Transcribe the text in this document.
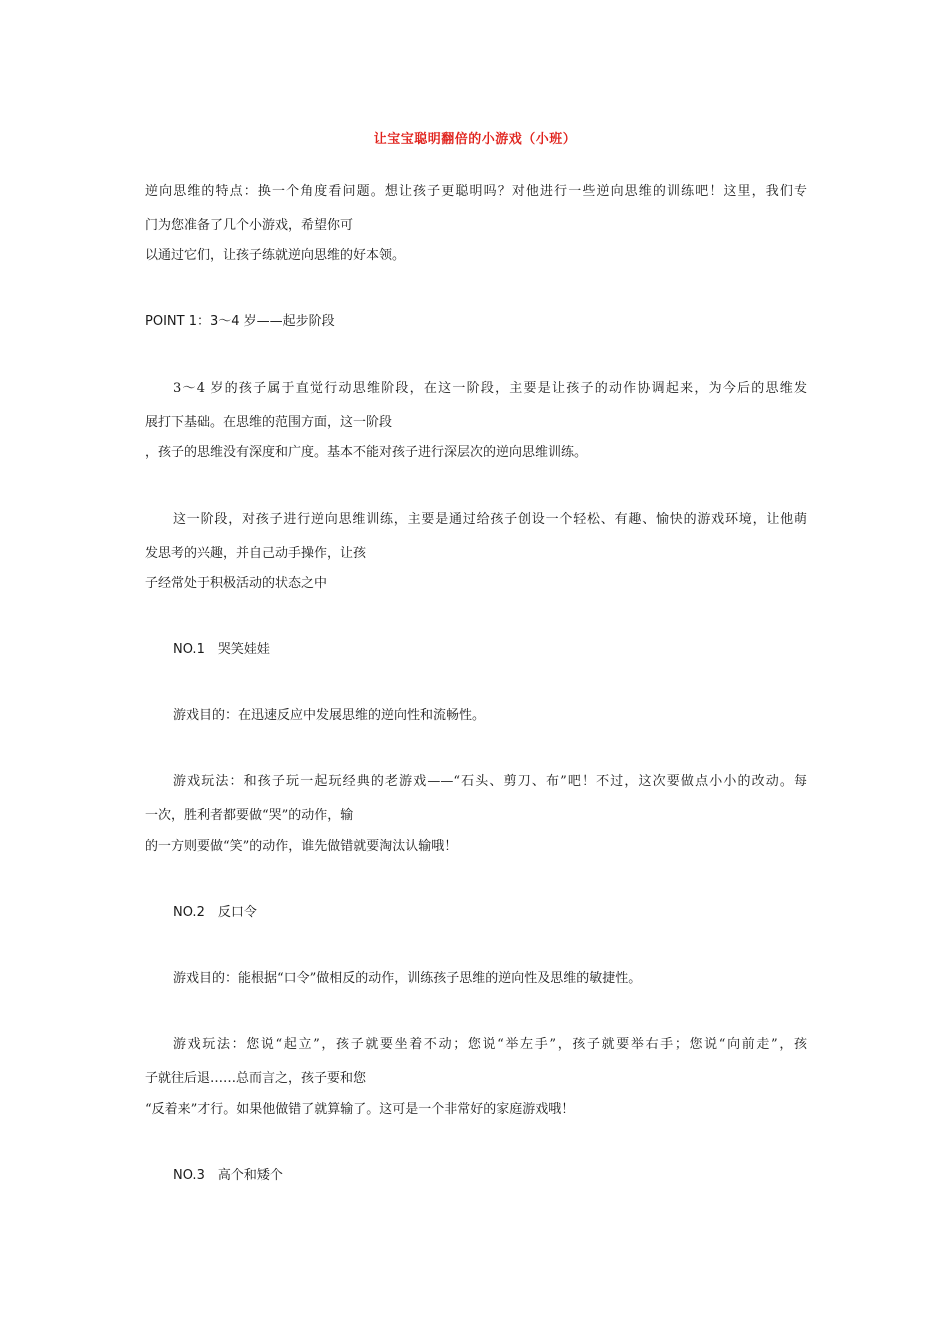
让宝宝聪明翻倍的小游戏（小班）
逆向思维的特点：换一个角度看问题。想让孩子更聪明吗？对他进行一些逆向思维的训练吧！这里，我们专
门为您准备了几个小游戏，希望你可
以通过它们，让孩子练就逆向思维的好本领。
POINT 1：3～4 岁——起步阶段
3～4 岁的孩子属于直觉行动思维阶段，在这一阶段，主要是让孩子的动作协调起来，为今后的思维发
展打下基础。在思维的范围方面，这一阶段
，孩子的思维没有深度和广度。基本不能对孩子进行深层次的逆向思维训练。
这一阶段，对孩子进行逆向思维训练，主要是通过给孩子创设一个轻松、有趣、愉快的游戏环境，让他萌
发思考的兴趣，并自己动手操作，让孩
子经常处于积极活动的状态之中
NO.1　哭笑娃娃
游戏目的：在迅速反应中发展思维的逆向性和流畅性。
游戏玩法：和孩子玩一起玩经典的老游戏——“石头、剪刀、布”吧！不过，这次要做点小小的改动。每
一次，胜利者都要做“哭”的动作，输
的一方则要做“笑”的动作，谁先做错就要淘汰认输哦！
NO.2　反口令
游戏目的：能根据“口令”做相反的动作，训练孩子思维的逆向性及思维的敏捷性。
游戏玩法：您说“起立”，孩子就要坐着不动；您说“举左手”，孩子就要举右手；您说“向前走”，孩
子就往后退……总而言之，孩子要和您
“反着来”才行。如果他做错了就算输了。这可是一个非常好的家庭游戏哦！
NO.3　高个和矮个
